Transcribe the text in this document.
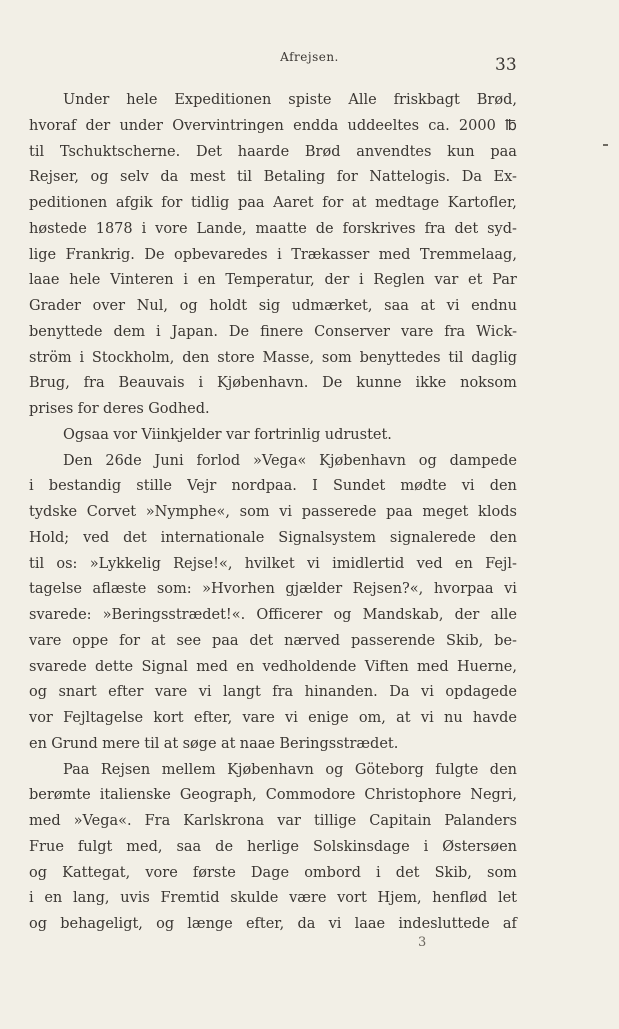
Afrejsen.	33
Under hele Expeditionen spiste Alle friskbagt Brød,
hvoraf der under Overvintringen endda uddeeltes ca. 2000 ℔
til Tschuktscherne. Det haarde Brød anvendtes kun paa
Rejser, og selv da mest til Betaling for Nattelogis. Da Ex-
peditionen afgik for tidlig paa Aaret for at medtage Kartofler,
høstede 1878 i vore Lande, maatte de forskrives fra det syd-
lige Frankrig. De opbevaredes i Trækasser med Tremmelaag,
laae hele Vinteren i en Temperatur, der i Reglen var et Par
Grader over Nul, og holdt sig udmærket, saa at vi endnu
benyttede dem i Japan. De finere Conserver vare fra Wick-
ström i Stockholm, den store Masse, som benyttedes til daglig
Brug, fra Beauvais i Kjøbenhavn. De kunne ikke noksom
prises for deres Godhed.
Ogsaa vor Viinkjelder var fortrinlig udrustet.
Den 26de Juni forlod »Vega« Kjøbenhavn og dampede
i bestandig stille Vejr nordpaa. I Sundet mødte vi den
tydske Corvet »Nymphe«, som vi passerede paa meget klods
Hold; ved det internationale Signalsystem signalerede den
til os: »Lykkelig Rejse!«, hvilket vi imidlertid ved en Fejl-
tagelse aflæste som: »Hvorhen gjælder Rejsen?«, hvorpaa vi
svarede: »Beringsstrædet!«. Officerer og Mandskab, der alle
vare oppe for at see paa det nærved passerende Skib, be-
svarede dette Signal med en vedholdende Viften med Huerne,
og snart efter vare vi langt fra hinanden. Da vi opdagede
vor Fejltagelse kort efter, vare vi enige om, at vi nu havde
en Grund mere til at søge at naae Beringsstrædet.
Paa Rejsen mellem Kjøbenhavn og Göteborg fulgte den
berømte italienske Geograph, Commodore Christophore Negri,
med »Vega«. Fra Karlskrona var tillige Capitain Palanders
Frue fulgt med, saa de herlige Solskinsdage i Østersøen
og Kattegat, vore første Dage ombord i det Skib, som
i en lang, uvis Fremtid skulde være vort Hjem, henflød let
og behageligt, og længe efter, da vi laae indesluttede af
3
